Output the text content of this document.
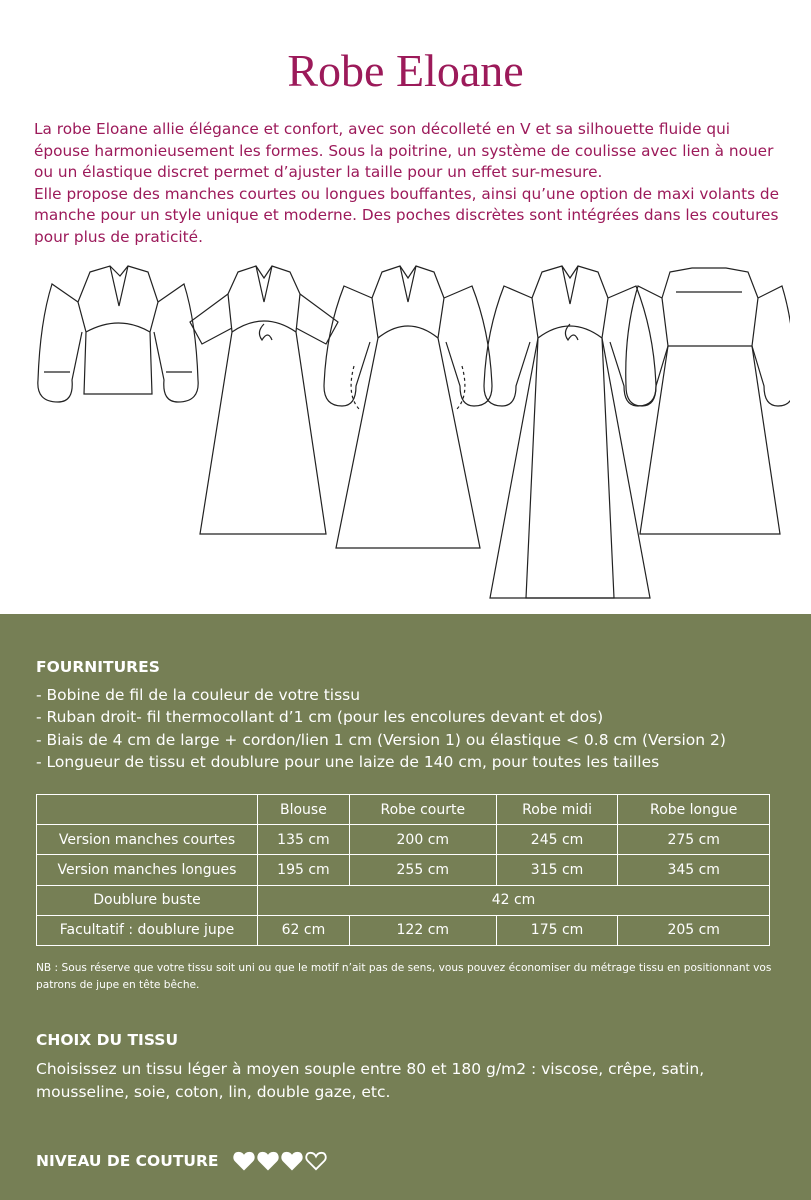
Robe Eloane

La robe Eloane allie élégance et confort, avec son décolleté en V et sa silhouette fluide qui épouse harmonieusement les formes. Sous la poitrine, un système de coulisse avec lien à nouer ou un élastique discret permet d’ajuster la taille pour un effet sur-mesure.

Elle propose des manches courtes ou longues bouffantes, ainsi qu’une option de maxi volants de manche pour un style unique et moderne. Des poches discrètes sont intégrées dans les coutures pour plus de praticité.

FOURNITURES
- Bobine de fil de la couleur de votre tissu
- Ruban droit- fil thermocollant d’1 cm (pour les encolures devant et dos)
- Biais de 4 cm de large + cordon/lien 1 cm (Version 1) ou élastique < 0.8 cm (Version 2)
- Longueur de tissu et doublure pour une laize de 140 cm, pour toutes les tailles
	Blouse	Robe courte	Robe midi	Robe longue
Version manches courtes	135 cm	200 cm	245 cm	275 cm
Version manches longues	195 cm	255 cm	315 cm	345 cm
Doublure buste	42 cm			
Facultatif : doublure jupe	62 cm	122 cm	175 cm	205 cm
NB : Sous réserve que votre tissu soit uni ou que le motif n’ait pas de sens, vous pouvez économiser du métrage tissu en positionnant vos patrons de jupe en tête bêche.
CHOIX DU TISSU
Choisissez un tissu léger à moyen souple entre 80 et 180 g/m2 : viscose, crêpe, satin, mousseline, soie, coton, lin, double gaze, etc.
NIVEAU DE COUTURE
